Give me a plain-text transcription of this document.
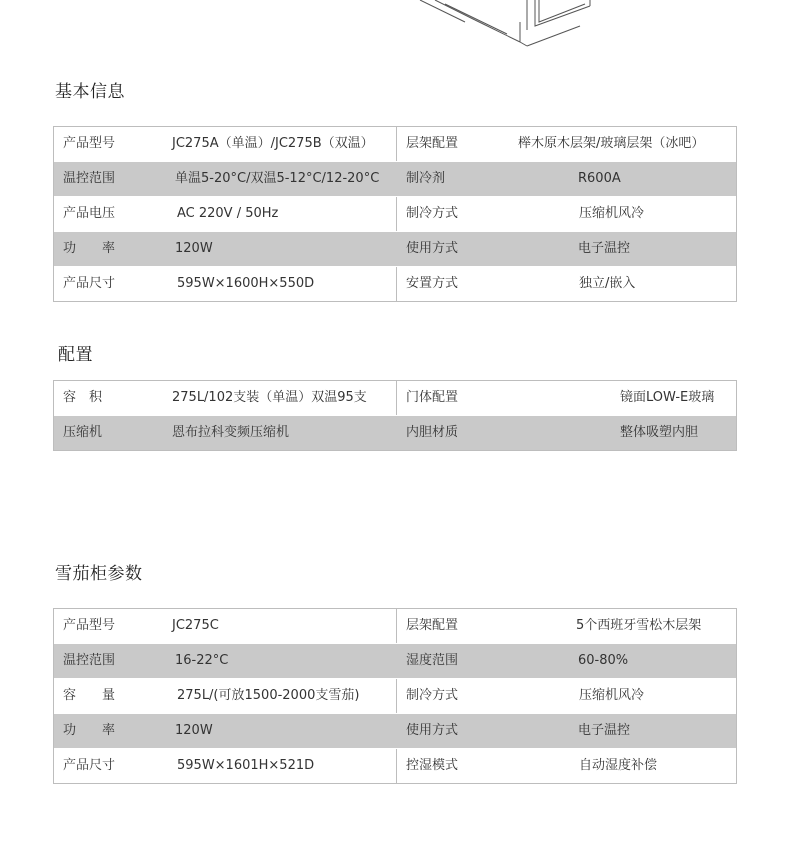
基本信息
产品型号	JC275A（单温）/JC275B（双温） 层架配置	榉木原木层架/玻璃层架（冰吧）
温控范围	单温5-20°C/双温5-12°C/12-20°C 制冷剂	R600A
产品电压	AC 220V / 50Hz	制冷方式	压缩机风冷
功　　率	120W	使用方式	电子温控
产品尺寸	595W×1600H×550D	安置方式	独立/嵌入
配置
容　积	275L/102支装（单温）双温95支	门体配置	镜面LOW-E玻璃
压缩机	恩布拉科变频压缩机	内胆材质	整体吸塑内胆
雪茄柜参数
产品型号	JC275C	层架配置	5个西班牙雪松木层架
温控范围	16-22°C	湿度范围	60-80%
容　　量	275L/(可放1500-2000支雪茄)	制冷方式	压缩机风冷
功　　率	120W	使用方式	电子温控
产品尺寸	595W×1601H×521D	控湿模式	自动湿度补偿
